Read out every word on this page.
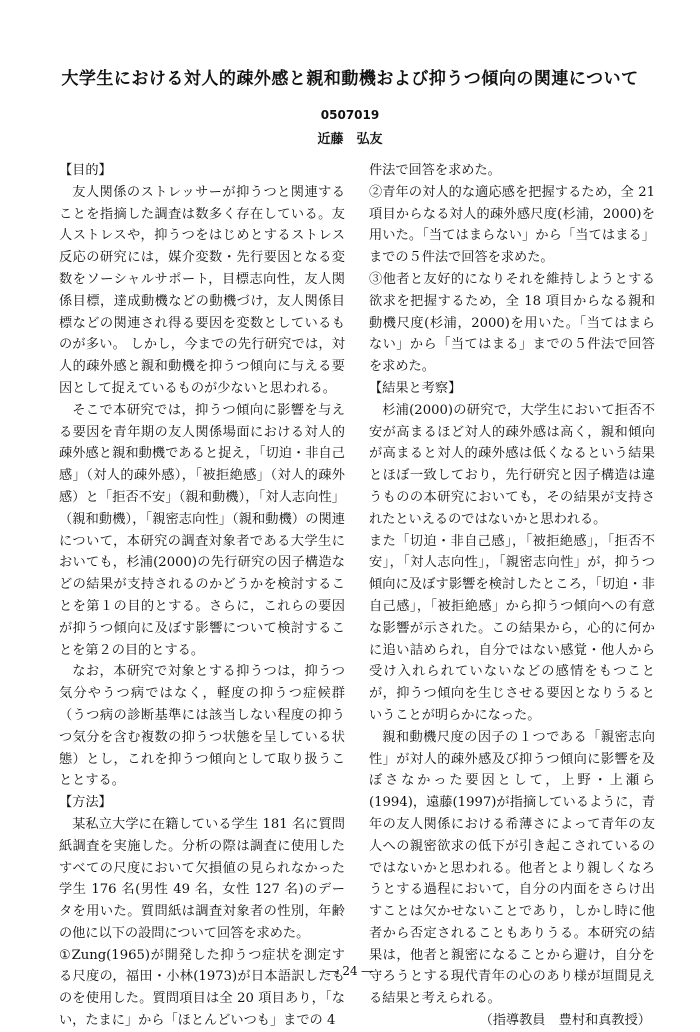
大学生における対人的疎外感と親和動機および抑うつ傾向の関連について
0507019
近藤　弘友
【目的】

友人関係のストレッサーが抑うつと関連することを指摘した調査は数多く存在している。友人ストレスや，抑うつをはじめとするストレス反応の研究には，媒介変数・先行要因となる変数をソーシャルサポート，目標志向性，友人関係目標，達成動機などの動機づけ，友人関係目標などの関連され得る要因を変数としているものが多い。 しかし，今までの先行研究では，対人的疎外感と親和動機を抑うつ傾向に与える要因として捉えているものが少ないと思われる。

そこで本研究では，抑うつ傾向に影響を与える要因を青年期の友人関係場面における対人的疎外感と親和動機であると捉え，「切迫・非自己感」（対人的疎外感），「被拒絶感」（対人的疎外感）と「拒否不安」（親和動機），「対人志向性」（親和動機），「親密志向性」（親和動機）の関連について，本研究の調査対象者である大学生においても，杉浦(2000)の先行研究の因子構造などの結果が支持されるのかどうかを検討することを第１の目的とする。さらに，これらの要因が抑うつ傾向に及ぼす影響について検討することを第２の目的とする。

なお，本研究で対象とする抑うつは，抑うつ気分やうつ病ではなく，軽度の抑うつ症候群（うつ病の診断基準には該当しない程度の抑うつ気分を含む複数の抑うつ状態を呈している状態）とし，これを抑うつ傾向として取り扱うこととする。

【方法】

某私立大学に在籍している学生 181 名に質問紙調査を実施した。分析の際は調査に使用したすべての尺度において欠損値の見られなかった学生 176 名(男性 49 名，女性 127 名)のデータを用いた。質問紙は調査対象者の性別，年齢の他に以下の設問について回答を求めた。

①Zung(1965)が開発した抑うつ症状を測定する尺度の，福田・小林(1973)が日本語訳したものを使用した。質問項目は全 20 項目あり，「ない，たまに」から「ほとんどいつも」までの 4

件法で回答を求めた。

②青年の対人的な適応感を把握するため，全 21 項目からなる対人的疎外感尺度(杉浦，2000)を用いた。「当てはまらない」から「当てはまる」までの５件法で回答を求めた。

③他者と友好的になりそれを維持しようとする欲求を把握するため，全 18 項目からなる親和動機尺度(杉浦，2000)を用いた。「当てはまらない」から「当てはまる」までの５件法で回答を求めた。

【結果と考察】

杉浦(2000)の研究で，大学生において拒否不安が高まるほど対人的疎外感は高く，親和傾向が高まると対人的疎外感は低くなるという結果とほぼ一致しており，先行研究と因子構造は違うものの本研究においても，その結果が支持されたといえるのではないかと思われる。

また「切迫・非自己感」，「被拒絶感」，「拒否不安」，「対人志向性」，「親密志向性」が，抑うつ傾向に及ぼす影響を検討したところ，「切迫・非自己感」，「被拒絶感」から抑うつ傾向への有意な影響が示された。この結果から，心的に何かに追い詰められ，自分ではない感覚・他人から受け入れられていないなどの感情をもつことが，抑うつ傾向を生じさせる要因となりうるということが明らかになった。

親和動機尺度の因子の１つである「親密志向性」が対人的疎外感及び抑うつ傾向に影響を及ぼさなかった要因として，上野・上瀬ら(1994)，遠藤(1997)が指摘しているように，青年の友人関係における希薄さによって青年の友人への親密欲求の低下が引き起こされているのではないかと思われる。他者とより親しくなろうとする過程において，自分の内面をさらけ出すことは欠かせないことであり，しかし時に他者から否定されることもありうる。本研究の結果は，他者と親密になることから避け，自分を守ろうとする現代青年の心のあり様が垣間見える結果と考えられる。

（指導教員　豊村和真教授）
― 24 ―
